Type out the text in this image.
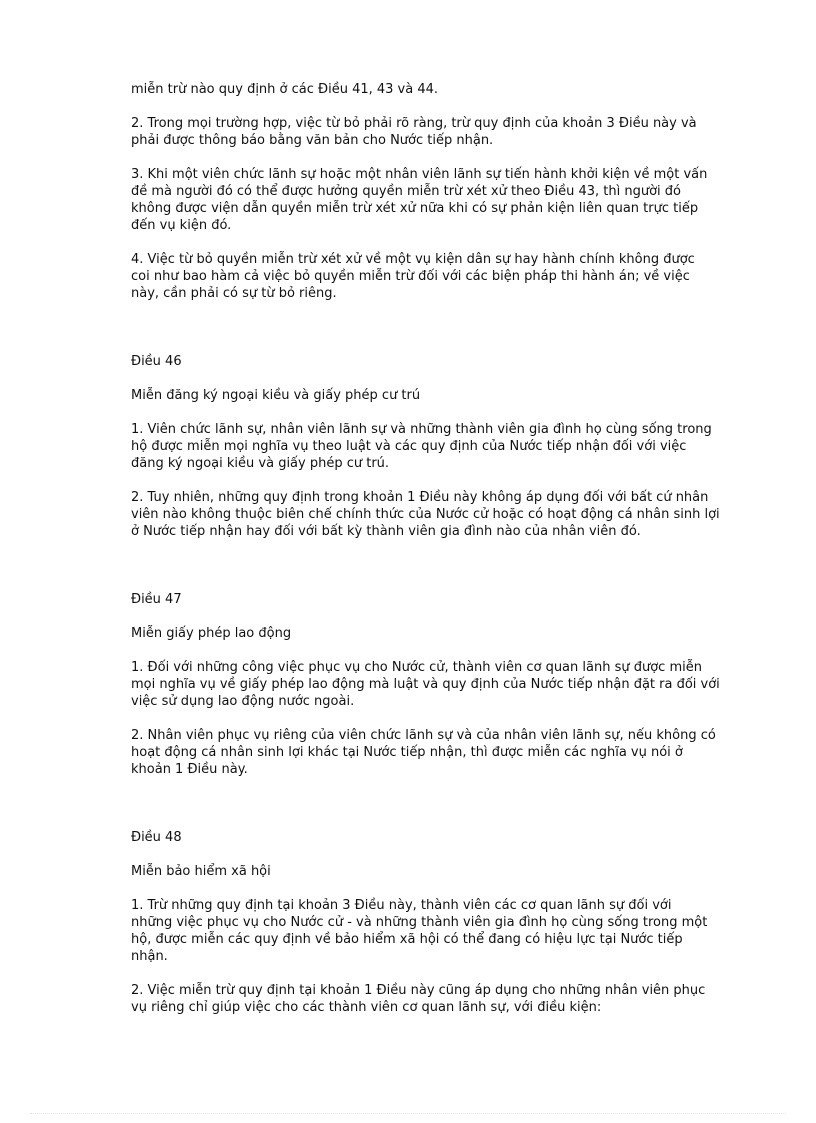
miễn trừ nào quy định ở các Điều 41, 43 và 44.

2. Trong mọi trường hợp, việc từ bỏ phải rõ ràng, trừ quy định của khoản 3 Điều này và
phải được thông báo bằng văn bản cho Nước tiếp nhận.

3. Khi một viên chức lãnh sự hoặc một nhân viên lãnh sự tiến hành khởi kiện về một vấn
đề mà người đó có thể được hưởng quyền miễn trừ xét xử theo Điều 43, thì người đó
không được viện dẫn quyền miễn trừ xét xử nữa khi có sự phản kiện liên quan trực tiếp
đến vụ kiện đó.

4. Việc từ bỏ quyền miễn trừ xét xử về một vụ kiện dân sự hay hành chính không được
coi như bao hàm cả việc bỏ quyền miễn trừ đối với các biện pháp thi hành án; về việc
này, cần phải có sự từ bỏ riêng.

Điều 46

Miễn đăng ký ngoại kiều và giấy phép cư trú

1. Viên chức lãnh sự, nhân viên lãnh sự và những thành viên gia đình họ cùng sống trong
hộ được miễn mọi nghĩa vụ theo luật và các quy định của Nước tiếp nhận đối với việc
đăng ký ngoại kiều và giấy phép cư trú.

2. Tuy nhiên, những quy định trong khoản 1 Điều này không áp dụng đối với bất cứ nhân
viên nào không thuộc biên chế chính thức của Nước cử hoặc có hoạt động cá nhân sinh lợi
ở Nước tiếp nhận hay đối với bất kỳ thành viên gia đình nào của nhân viên đó.

Điều 47

Miễn giấy phép lao động

1. Đối với những công việc phục vụ cho Nước cử, thành viên cơ quan lãnh sự được miễn
mọi nghĩa vụ về giấy phép lao động mà luật và quy định của Nước tiếp nhận đặt ra đối với
việc sử dụng lao động nước ngoài.

2. Nhân viên phục vụ riêng của viên chức lãnh sự và của nhân viên lãnh sự, nếu không có
hoạt động cá nhân sinh lợi khác tại Nước tiếp nhận, thì được miễn các nghĩa vụ nói ở
khoản 1 Điều này.

Điều 48

Miễn bảo hiểm xã hội

1. Trừ những quy định tại khoản 3 Điều này, thành viên các cơ quan lãnh sự đối với
những việc phục vụ cho Nước cử - và những thành viên gia đình họ cùng sống trong một
hộ, được miễn các quy định về bảo hiểm xã hội có thể đang có hiệu lực tại Nước tiếp
nhận.

2. Việc miễn trừ quy định tại khoản 1 Điều này cũng áp dụng cho những nhân viên phục
vụ riêng chỉ giúp việc cho các thành viên cơ quan lãnh sự, với điều kiện:
